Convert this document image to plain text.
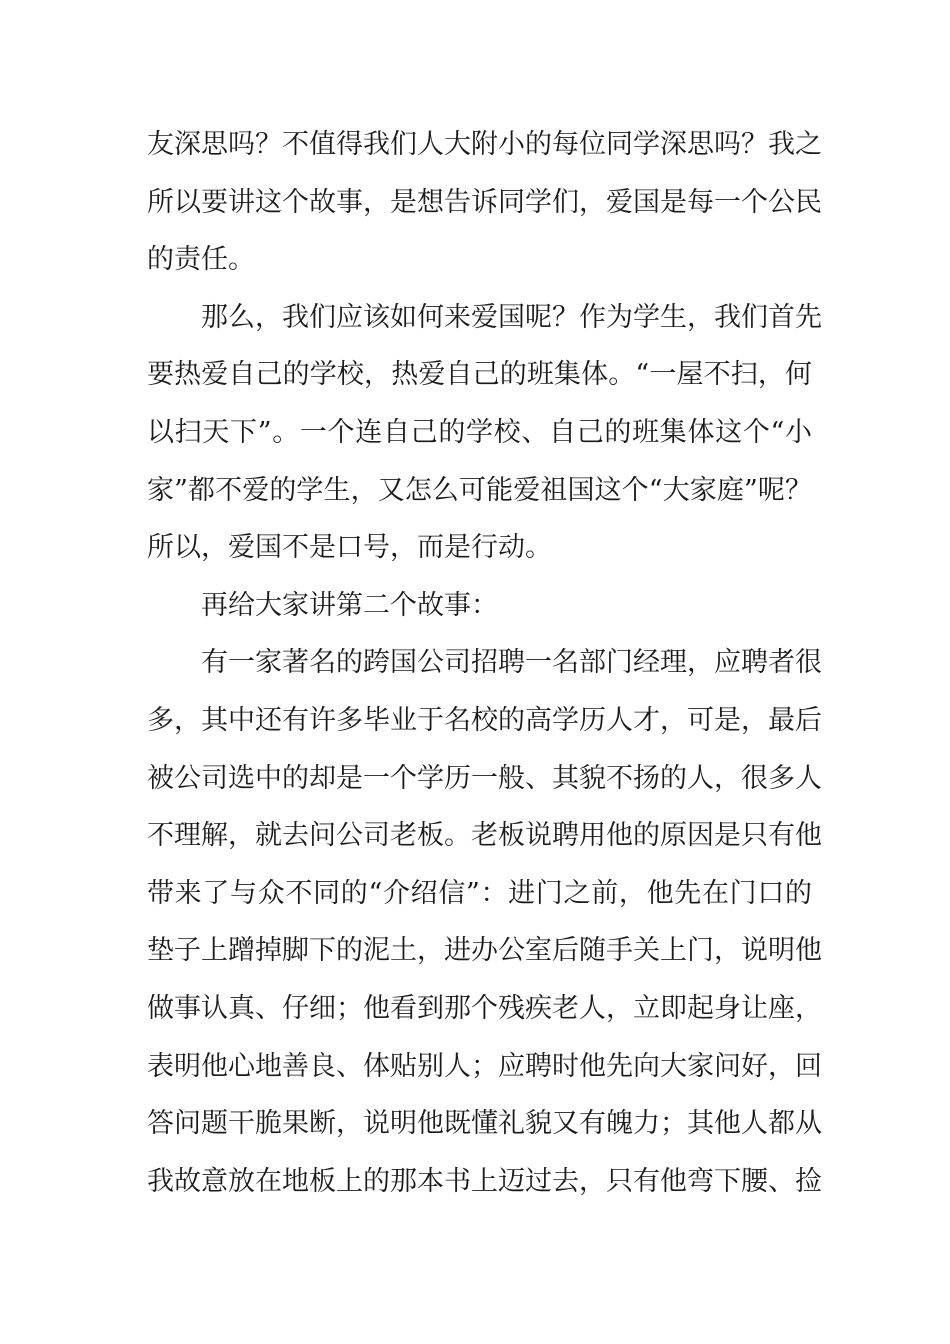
友深思吗？不值得我们人大附小的每位同学深思吗？我之
所以要讲这个故事，是想告诉同学们，爱国是每一个公民
的责任。
那么，我们应该如何来爱国呢？作为学生，我们首先
要热爱自己的学校，热爱自己的班集体。“一屋不扫，何
以扫天下”。一个连自己的学校、自己的班集体这个“小
家”都不爱的学生，又怎么可能爱祖国这个“大家庭”呢？
所以，爱国不是口号，而是行动。
再给大家讲第二个故事：
有一家著名的跨国公司招聘一名部门经理，应聘者很
多，其中还有许多毕业于名校的高学历人才，可是，最后
被公司选中的却是一个学历一般、其貌不扬的人，很多人
不理解，就去问公司老板。老板说聘用他的原因是只有他
带来了与众不同的“介绍信”：进门之前，他先在门口的
垫子上蹭掉脚下的泥土，进办公室后随手关上门，说明他
做事认真、仔细；他看到那个残疾老人，立即起身让座，
表明他心地善良、体贴别人；应聘时他先向大家问好，回
答问题干脆果断，说明他既懂礼貌又有魄力；其他人都从
我故意放在地板上的那本书上迈过去，只有他弯下腰、捡
